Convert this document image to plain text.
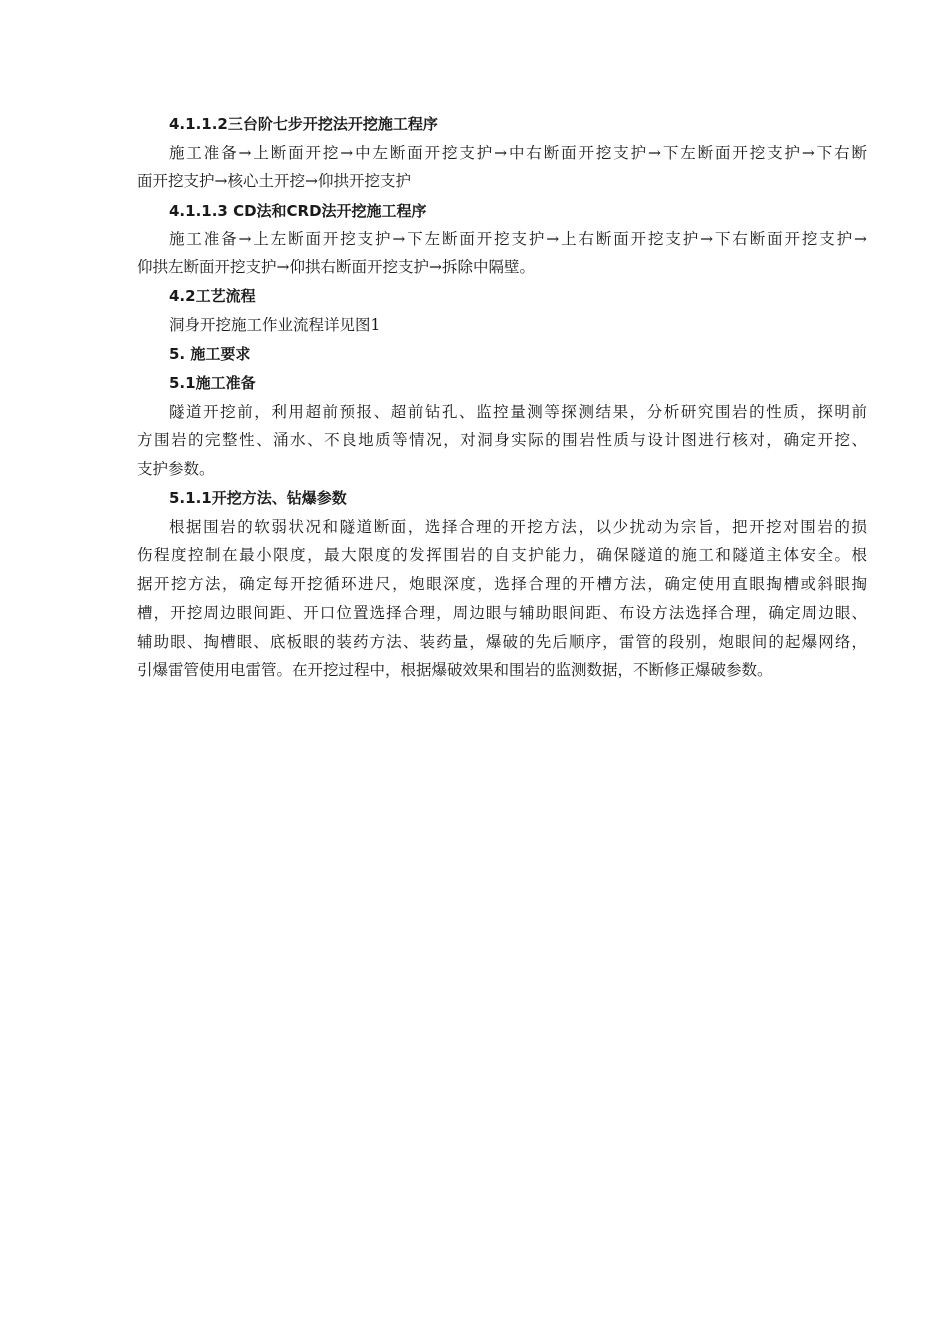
4.1.1.2三台阶七步开挖法开挖施工程序
施工准备→上断面开挖→中左断面开挖支护→中右断面开挖支护→下左断面开挖支护→下右断
面开挖支护→核心土开挖→仰拱开挖支护
4.1.1.3 CD法和CRD法开挖施工程序
施工准备→上左断面开挖支护→下左断面开挖支护→上右断面开挖支护→下右断面开挖支护→
仰拱左断面开挖支护→仰拱右断面开挖支护→拆除中隔壁。
4.2工艺流程
洞身开挖施工作业流程详见图1
5. 施工要求
5.1施工准备
隧道开挖前，利用超前预报、超前钻孔、监控量测等探测结果，分析研究围岩的性质，探明前
方围岩的完整性、涌水、不良地质等情况，对洞身实际的围岩性质与设计图进行核对，确定开挖、
支护参数。
5.1.1开挖方法、钻爆参数
根据围岩的软弱状况和隧道断面，选择合理的开挖方法，以少扰动为宗旨，把开挖对围岩的损
伤程度控制在最小限度，最大限度的发挥围岩的自支护能力，确保隧道的施工和隧道主体安全。根
据开挖方法，确定每开挖循环进尺，炮眼深度，选择合理的开槽方法，确定使用直眼掏槽或斜眼掏
槽，开挖周边眼间距、开口位置选择合理，周边眼与辅助眼间距、布设方法选择合理，确定周边眼、
辅助眼、掏槽眼、底板眼的装药方法、装药量，爆破的先后顺序，雷管的段别，炮眼间的起爆网络，
引爆雷管使用电雷管。在开挖过程中，根据爆破效果和围岩的监测数据，不断修正爆破参数。
